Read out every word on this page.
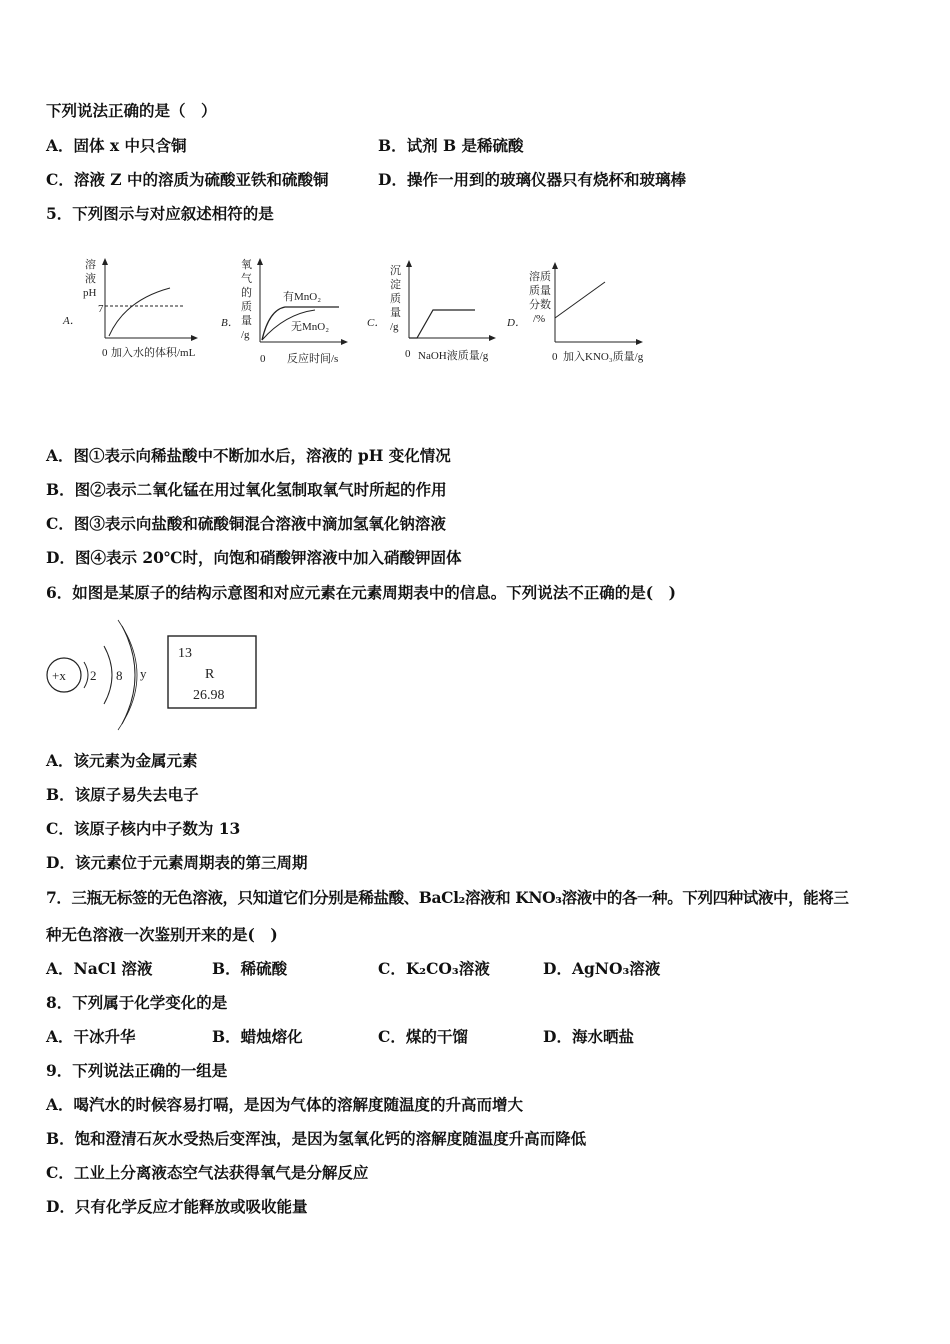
下列说法正确的是（　）
A．固体 x 中只含铜	B．试剂 B 是稀硫酸
C．溶液 Z 中的溶质为硫酸亚铁和硫酸铜	D．操作一用到的玻璃仪器只有烧杯和玻璃棒
5．下列图示与对应叙述相符的是
A．
溶
液
pH
7
0 加入水的体积/mL
B．
氧
气
的
质
量
/g
有MnO₂
无MnO₂
0 反应时间/s
C．
沉
淀
质
量
/g
0 NaOH液质量/g
D．
溶质
质量
分数
/%
0 加入KNO₃质量/g
A．图①表示向稀盐酸中不断加水后，溶液的 pH 变化情况
B．图②表示二氧化锰在用过氧化氢制取氧气时所起的作用
C．图③表示向盐酸和硫酸铜混合溶液中滴加氢氧化钠溶液
D．图④表示 20℃时，向饱和硝酸钾溶液中加入硝酸钾固体
6．如图是某原子的结构示意图和对应元素在元素周期表中的信息。下列说法不正确的是(　)
+x 2 8 y
13
R
26.98
A．该元素为金属元素
B．该原子易失去电子
C．该原子核内中子数为 13
D．该元素位于元素周期表的第三周期
7．三瓶无标签的无色溶液，只知道它们分别是稀盐酸、BaCl₂溶液和 KNO₃溶液中的各一种。下列四种试液中，能将三
种无色溶液一次鉴别开来的是(　)
A．NaCl 溶液	B．稀硫酸	C．K₂CO₃溶液	D．AgNO₃溶液
8．下列属于化学变化的是
A．干冰升华	B．蜡烛熔化	C．煤的干馏	D．海水晒盐
9．下列说法正确的一组是
A．喝汽水的时候容易打嗝，是因为气体的溶解度随温度的升高而增大
B．饱和澄清石灰水受热后变浑浊，是因为氢氧化钙的溶解度随温度升高而降低
C．工业上分离液态空气法获得氧气是分解反应
D．只有化学反应才能释放或吸收能量
